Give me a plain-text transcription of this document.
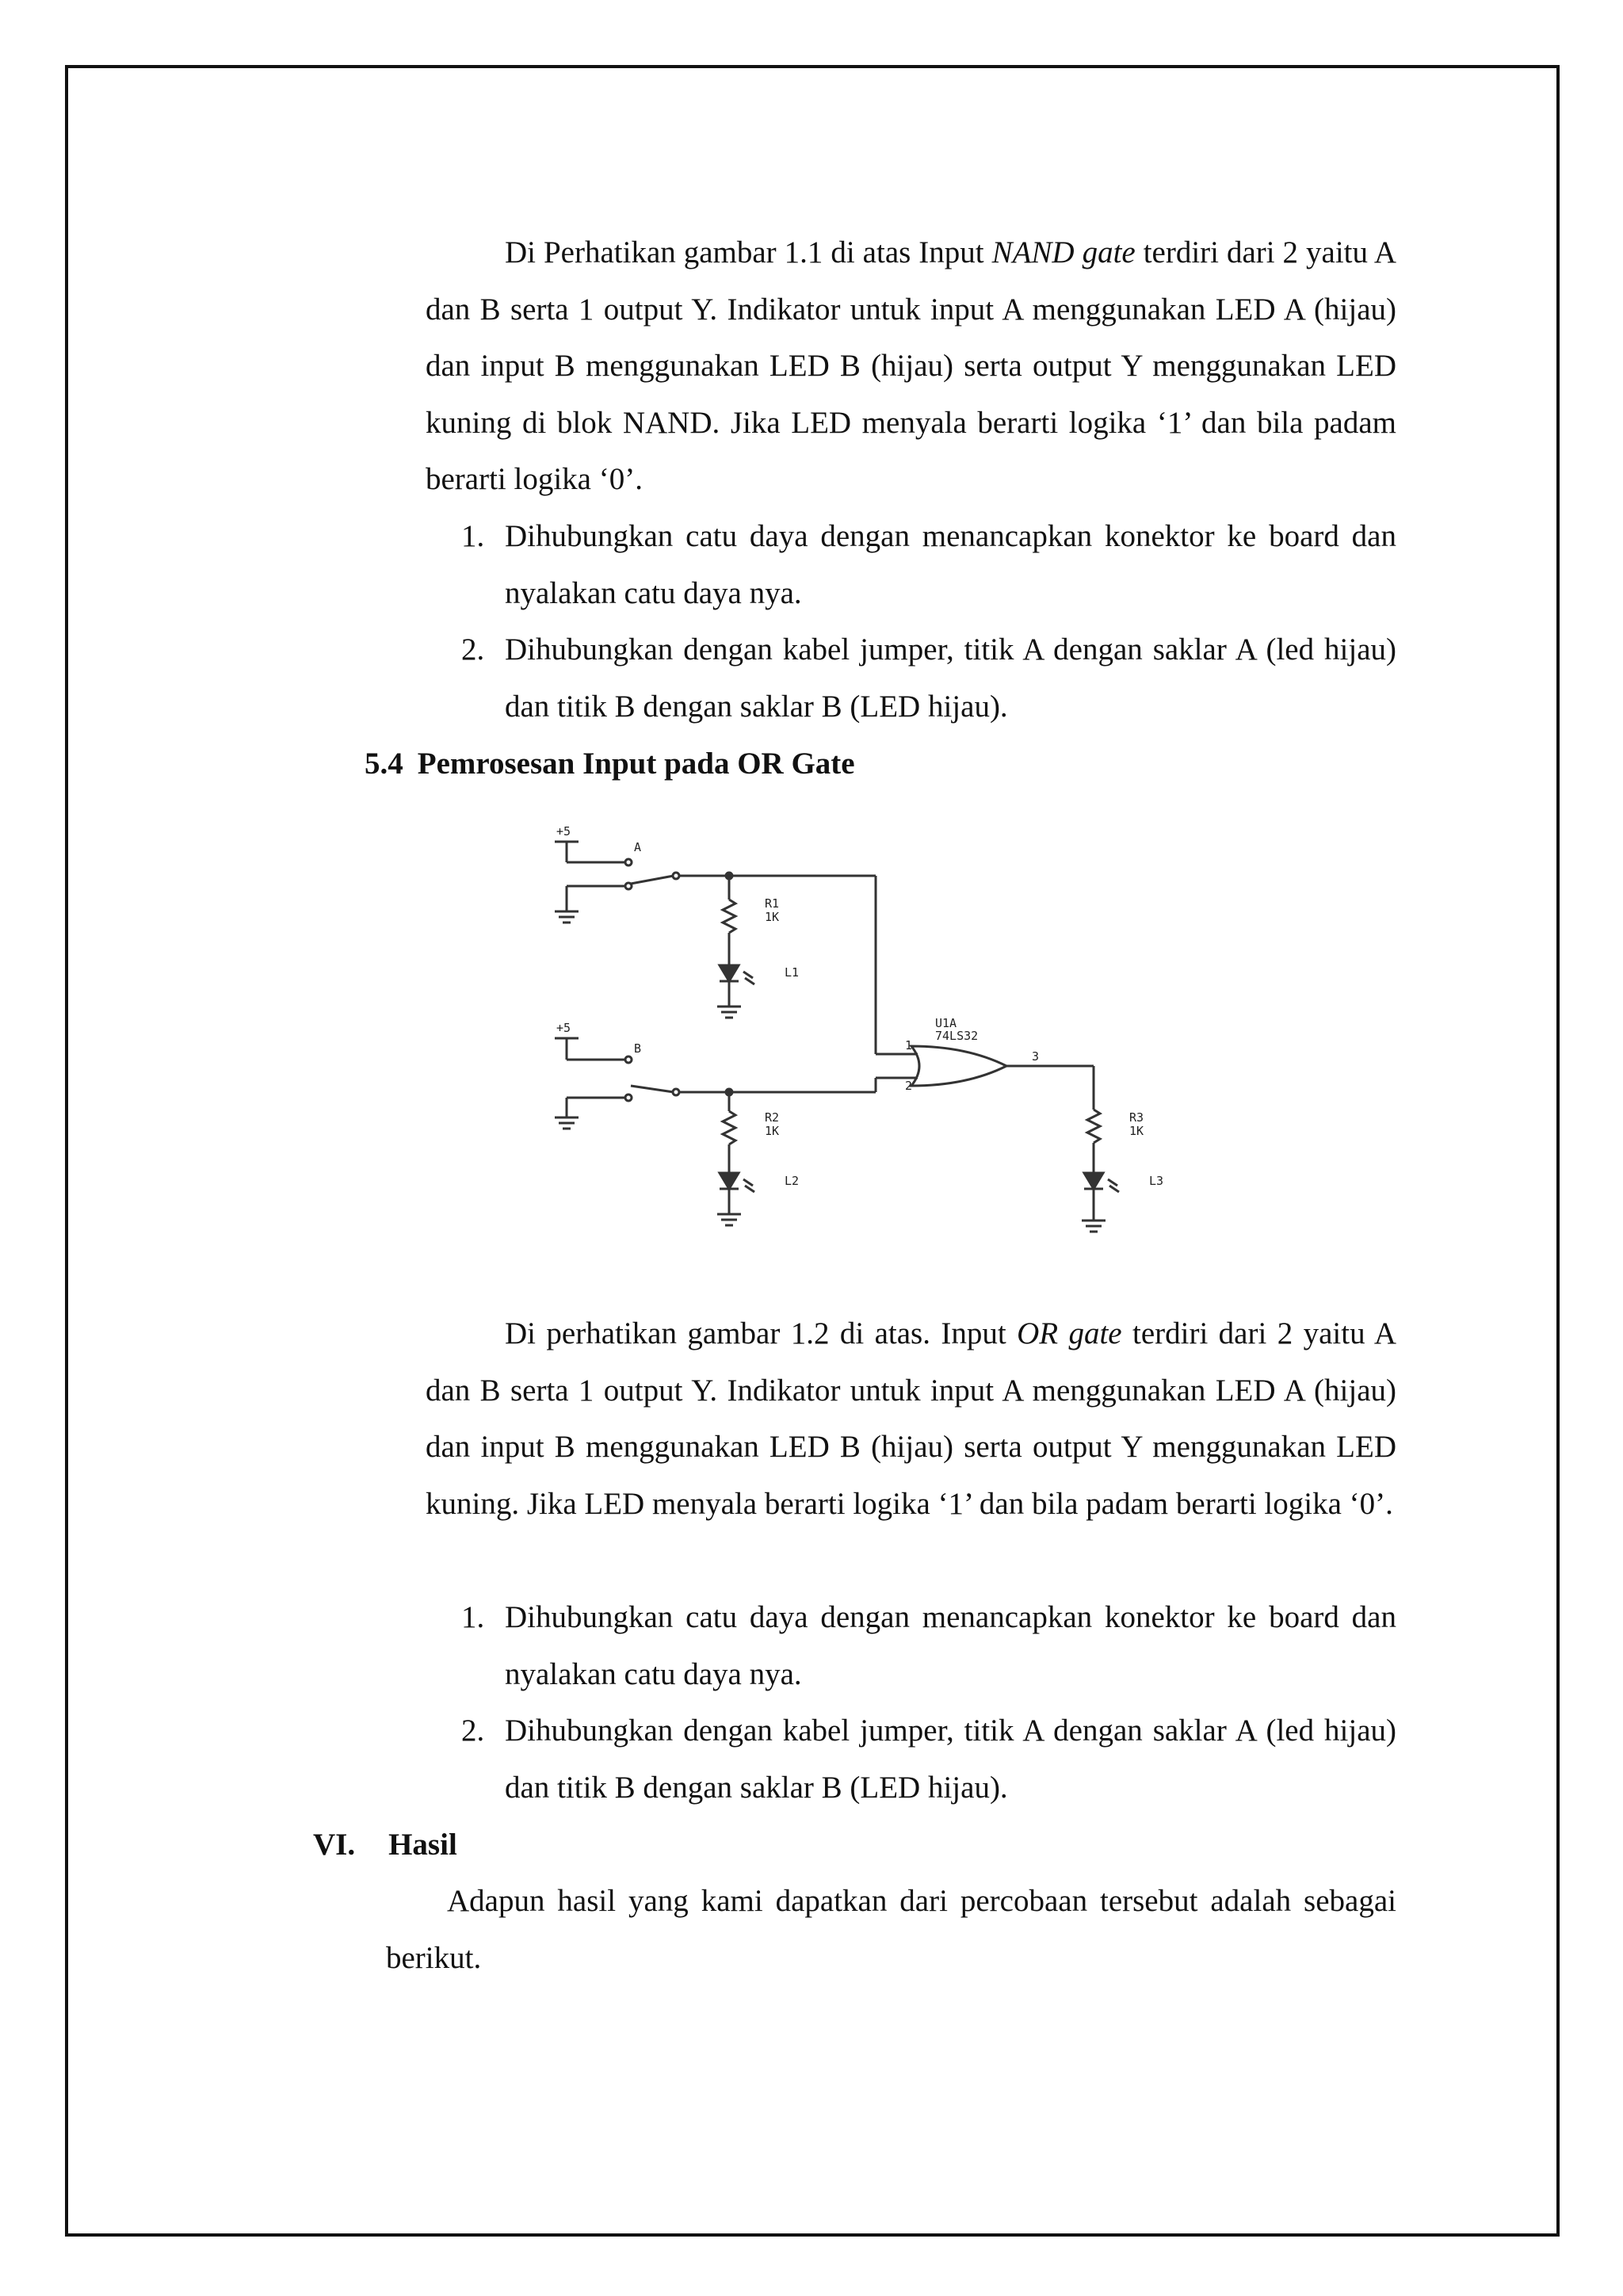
Di Perhatikan gambar 1.1 di atas Input NAND gate terdiri dari 2 yaitu A dan B serta 1 output Y. Indikator untuk input A menggunakan LED A (hijau) dan input B menggunakan LED B (hijau) serta output Y menggunakan LED kuning di blok NAND. Jika LED menyala berarti logika ‘1’ dan bila padam berarti logika ‘0’.

1. Dihubungkan catu daya dengan menancapkan konektor ke board dan nyalakan catu daya nya.
2. Dihubungkan dengan kabel jumper, titik A dengan saklar A (led hijau) dan titik B dengan saklar B (LED hijau).
5.4 Pemrosesan Input pada OR Gate
+5
A
+5
B
R1
1K
L1
R2
1K
L2
R3
1K
L3
U1A
74LS32
1
2
3

Di perhatikan gambar 1.2 di atas. Input OR gate terdiri dari 2 yaitu A dan B serta 1 output Y. Indikator untuk input A menggunakan LED A (hijau) dan input B menggunakan LED B (hijau) serta output Y menggunakan LED kuning. Jika LED menyala berarti logika ‘1’ dan bila padam berarti logika ‘0’.

1. Dihubungkan catu daya dengan menancapkan konektor ke board dan nyalakan catu daya nya.
2. Dihubungkan dengan kabel jumper, titik A dengan saklar A (led hijau) dan titik B dengan saklar B (LED hijau).
VI. Hasil

Adapun hasil yang kami dapatkan dari percobaan tersebut adalah sebagai berikut.
